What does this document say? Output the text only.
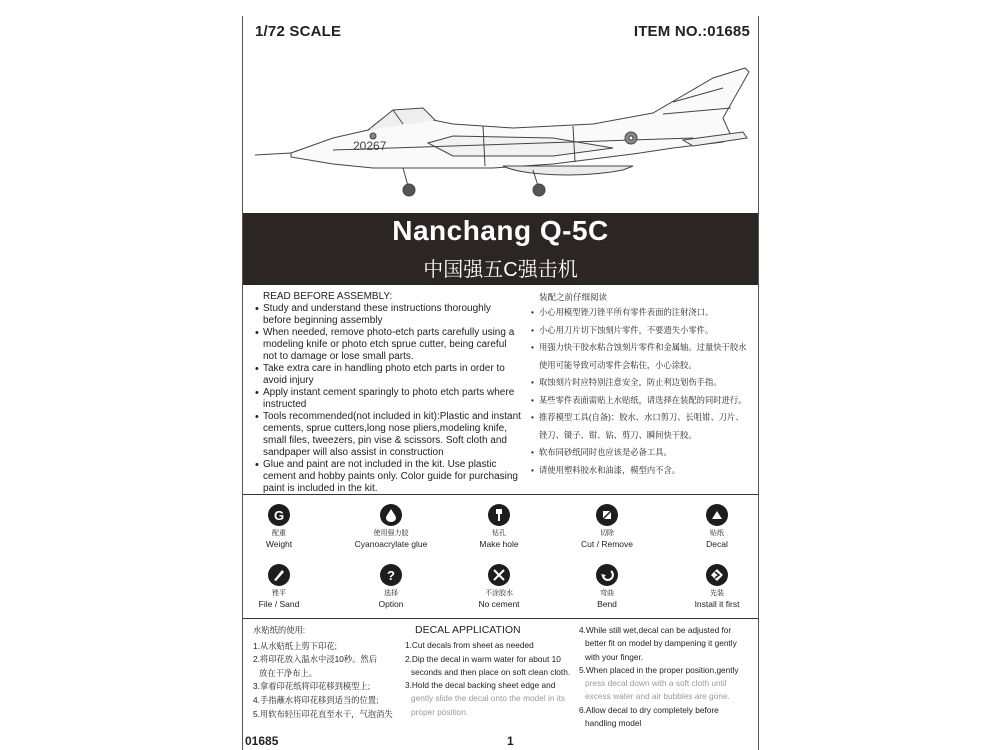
1/72 SCALE	ITEM NO.:01685
20267
Nanchang Q-5C
中国强五C强击机
READ BEFORE ASSEMBLY:
• Study and understand these instructions thoroughly before beginning assembly
• When needed, remove photo-etch parts carefully using a modeling knife or photo etch sprue cutter, being careful not to damage or lose small parts.
• Take extra care in handling photo etch parts in order to avoid injury
• Apply instant cement sparingly to photo etch parts where instructed
• Tools recommended(not included in kit):Plastic and instant cements, sprue cutters,long nose pliers,modeling knife, small files, tweezers, pin vise & scissors. Soft cloth and sandpaper will also assist in construction
• Glue and paint are not included in the kit. Use plastic cement and hobby paints only. Color guide for purchasing paint is included in the kit.
装配之前仔细阅读
• 小心用模型锉刀锉平所有零件表面的注射浇口。
• 小心用刀片切下蚀刻片零件，不要遗失小零件。
• 用强力快干胶水粘合蚀刻片零件和金属轴。过量快干胶水
使用可能导致可动零件会粘住，小心涂胶。
• 取蚀刻片时应特别注意安全，防止利边划伤手指。
• 某些零件表面需贴上水贴纸，请选择在装配的同时进行。
• 推荐模型工具(自备)：胶水、水口剪刀、长咀钳、刀片、
锉刀、镊子、钳、钻、剪刀、瞬间快干胶。
• 软布同砂纸同时也应该是必备工具。
• 请使用塑料胶水和油漆，模型内不含。
G
配重
Weight
使用强力胶
Cyanoacrylate glue
钻孔
Make hole
切除
Cut / Remove
贴纸
Decal
锉平
File / Sand
?
选择
Option
不涂胶水
No cement
弯曲
Bend
先装
Install it first
水贴纸的使用:
1.从水贴纸上剪下印花;
2.将印花放入温水中浸10秒。然后
放在干净布上。
3.拿着印花纸将印花移到模型上;
4.手指蘸水将印花移到适当的位置;
5.用软布轻压印花直至水干，气泡消失
DECAL APPLICATION
1.Cut decals from sheet as needed
2.Dip the decal in warm water for about 10
seconds and then place on soft clean cloth.
3.Hold the decal backing sheet edge and
gently slide the decal onto the model in its
proper position.
4.While still wet,decal can be adjusted for
better fit on model by dampening it gently
with your finger.
5.When placed in the proper position,gently
press decal down with a soft cloth until
excess water and air bubbles are gone.
6.Allow decal to dry completely before
handling model
01685	1
